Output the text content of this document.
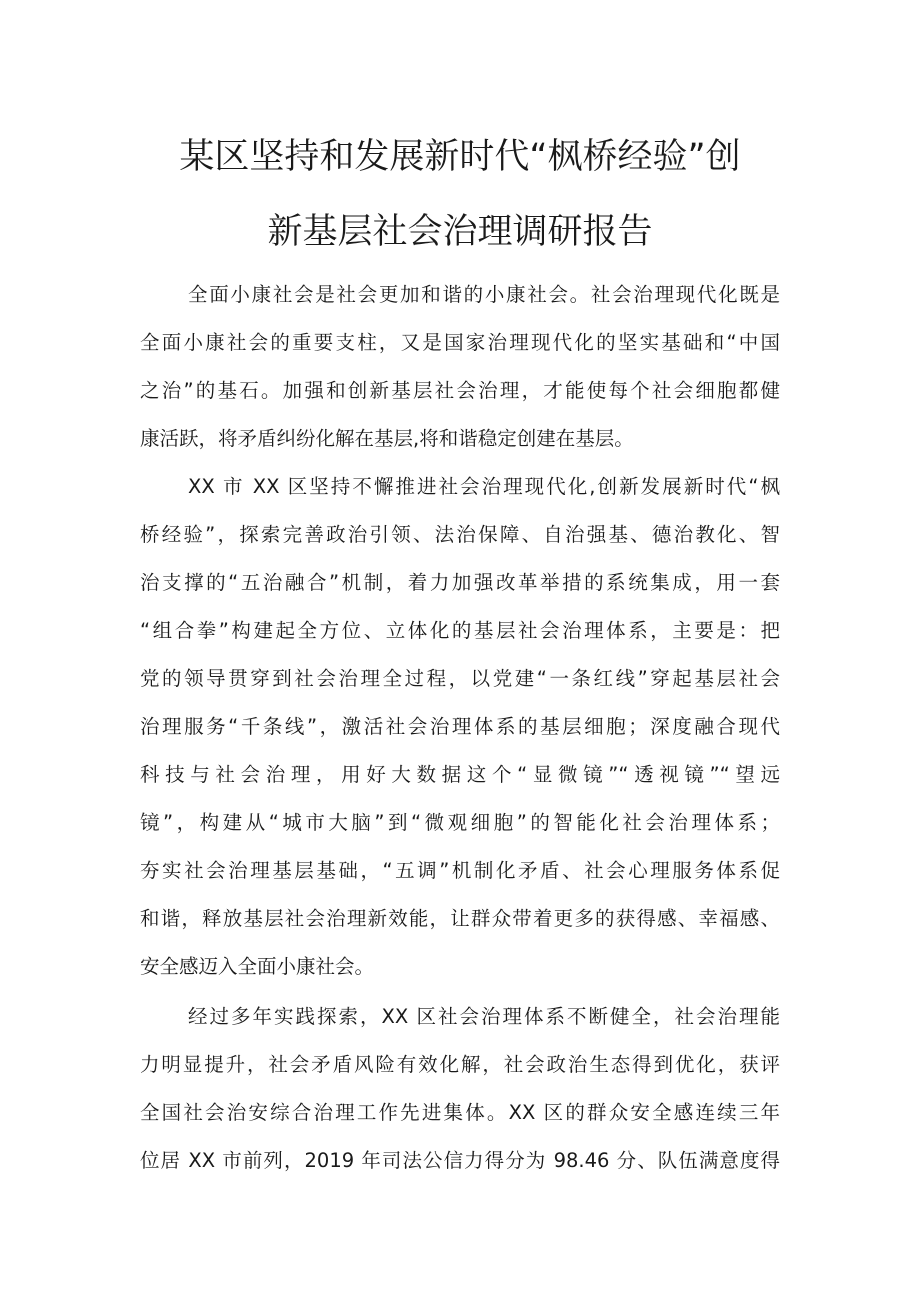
某区坚持和发展新时代“枫桥经验”创
新基层社会治理调研报告
全面小康社会是社会更加和谐的小康社会。社会治理现代化既是
全面小康社会的重要支柱，又是国家治理现代化的坚实基础和“中国
之治”的基石。加强和创新基层社会治理，才能使每个社会细胞都健
康活跃，将矛盾纠纷化解在基层,将和谐稳定创建在基层。
XX 市 XX 区坚持不懈推进社会治理现代化,创新发展新时代“枫
桥经验”，探索完善政治引领、法治保障、自治强基、德治教化、智
治支撑的“五治融合”机制，着力加强改革举措的系统集成，用一套
“组合拳”构建起全方位、立体化的基层社会治理体系，主要是：把
党的领导贯穿到社会治理全过程，以党建“一条红线”穿起基层社会
治理服务“千条线”，激活社会治理体系的基层细胞；深度融合现代
科技与社会治理，用好大数据这个“显微镜”“透视镜”“望远
镜”，构建从“城市大脑”到“微观细胞”的智能化社会治理体系；
夯实社会治理基层基础，“五调”机制化矛盾、社会心理服务体系促
和谐，释放基层社会治理新效能，让群众带着更多的获得感、幸福感、
安全感迈入全面小康社会。
经过多年实践探索，XX 区社会治理体系不断健全，社会治理能
力明显提升，社会矛盾风险有效化解，社会政治生态得到优化，获评
全国社会治安综合治理工作先进集体。XX 区的群众安全感连续三年
位居 XX 市前列，2019 年司法公信力得分为 98.46 分、队伍满意度得
